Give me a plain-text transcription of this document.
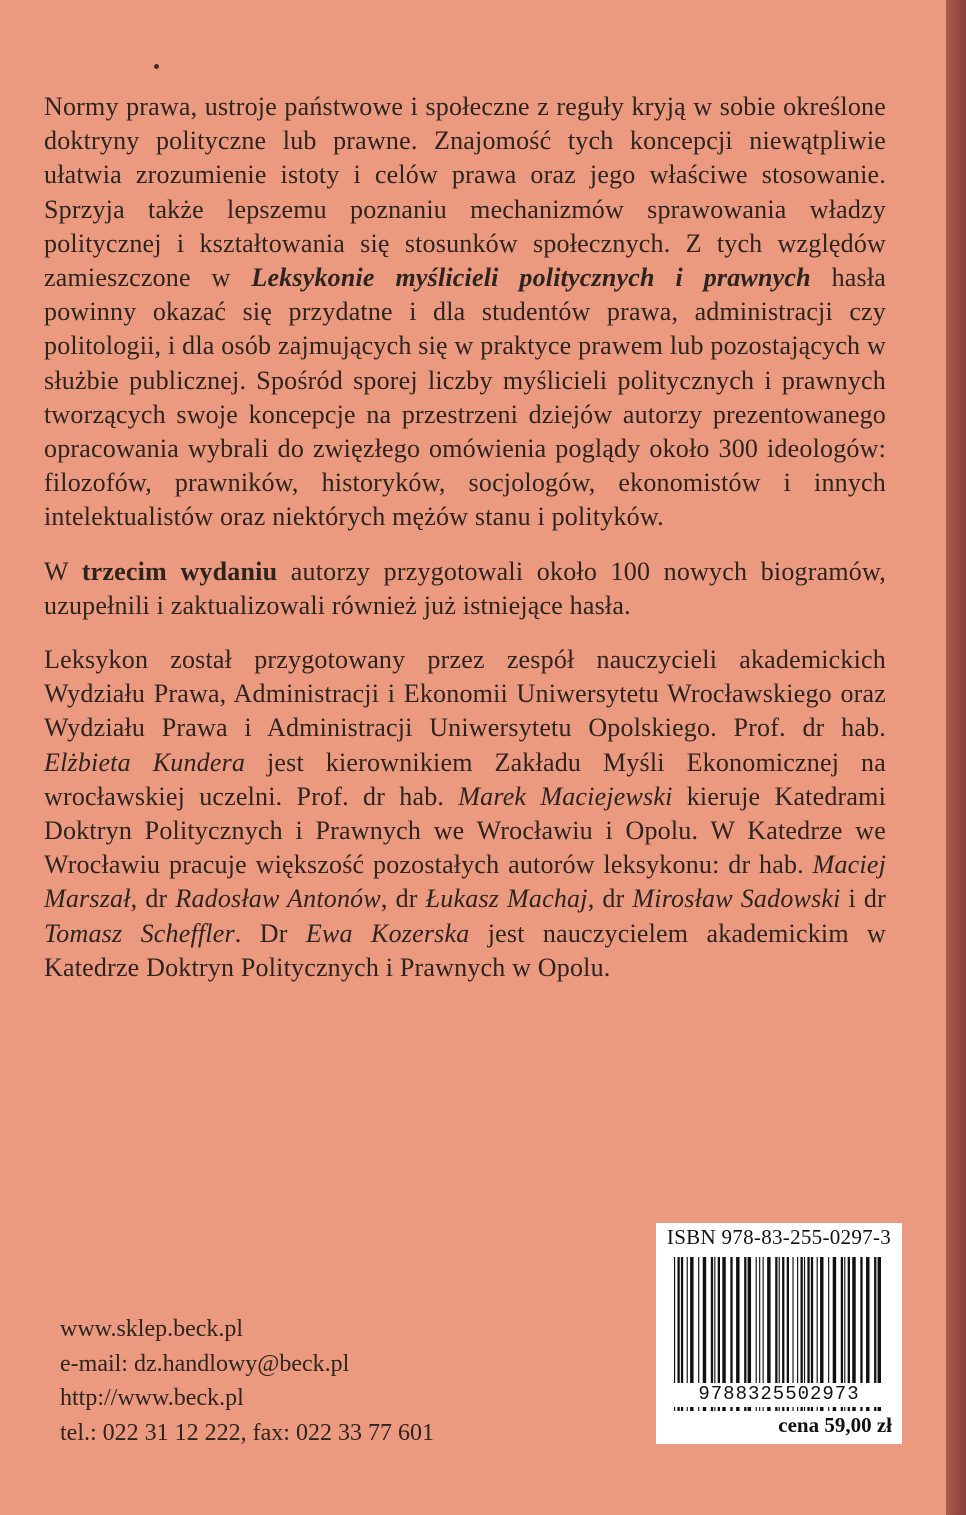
Normy prawa, ustroje państwowe i społeczne z reguły kryją w sobie określone doktryny polityczne lub prawne. Znajomość tych koncepcji niewątpliwie ułatwia zrozumienie istoty i celów prawa oraz jego właściwe stosowanie. Sprzyja także lepszemu poznaniu mechanizmów sprawowania władzy politycznej i kształtowania się stosunków społecznych. Z tych względów zamieszczone w Leksykonie myślicieli politycznych i prawnych hasła powinny okazać się przydatne i dla studentów prawa, administracji czy politologii, i dla osób zajmujących się w praktyce prawem lub pozostających w służbie publicznej. Spośród sporej liczby myślicieli politycznych i prawnych tworzących swoje koncepcje na przestrzeni dziejów autorzy prezentowanego opracowania wybrali do zwięzłego omówienia poglądy około 300 ideologów: filozofów, prawników, historyków, socjologów, ekonomistów i innych intelektualistów oraz niektórych mężów stanu i polityków.

W trzecim wydaniu autorzy przygotowali około 100 nowych biogramów, uzupełnili i zaktualizowali również już istniejące hasła.

Leksykon został przygotowany przez zespół nauczycieli akademickich Wydziału Prawa, Administracji i Ekonomii Uniwersytetu Wrocławskiego oraz Wydziału Prawa i Administracji Uniwersytetu Opolskiego. Prof. dr hab. Elżbieta Kundera jest kierownikiem Zakładu Myśli Ekonomicznej na wrocławskiej uczelni. Prof. dr hab. Marek Maciejewski kieruje Katedrami Doktryn Politycznych i Prawnych we Wrocławiu i Opolu. W Katedrze we Wrocławiu pracuje większość pozostałych autorów leksykonu: dr hab. Maciej Marszał, dr Radosław Antonów, dr Łukasz Machaj, dr Mirosław Sadowski i dr Tomasz Scheffler. Dr Ewa Kozerska jest nauczycielem akademickim w Katedrze Doktryn Politycznych i Prawnych w Opolu.

www.sklep.beck.pl
e-mail: dz.handlowy@beck.pl
http://www.beck.pl
tel.: 022 31 12 222, fax: 022 33 77 601
ISBN 978-83-255-0297-3
9788325502973
cena 59,00 zł
